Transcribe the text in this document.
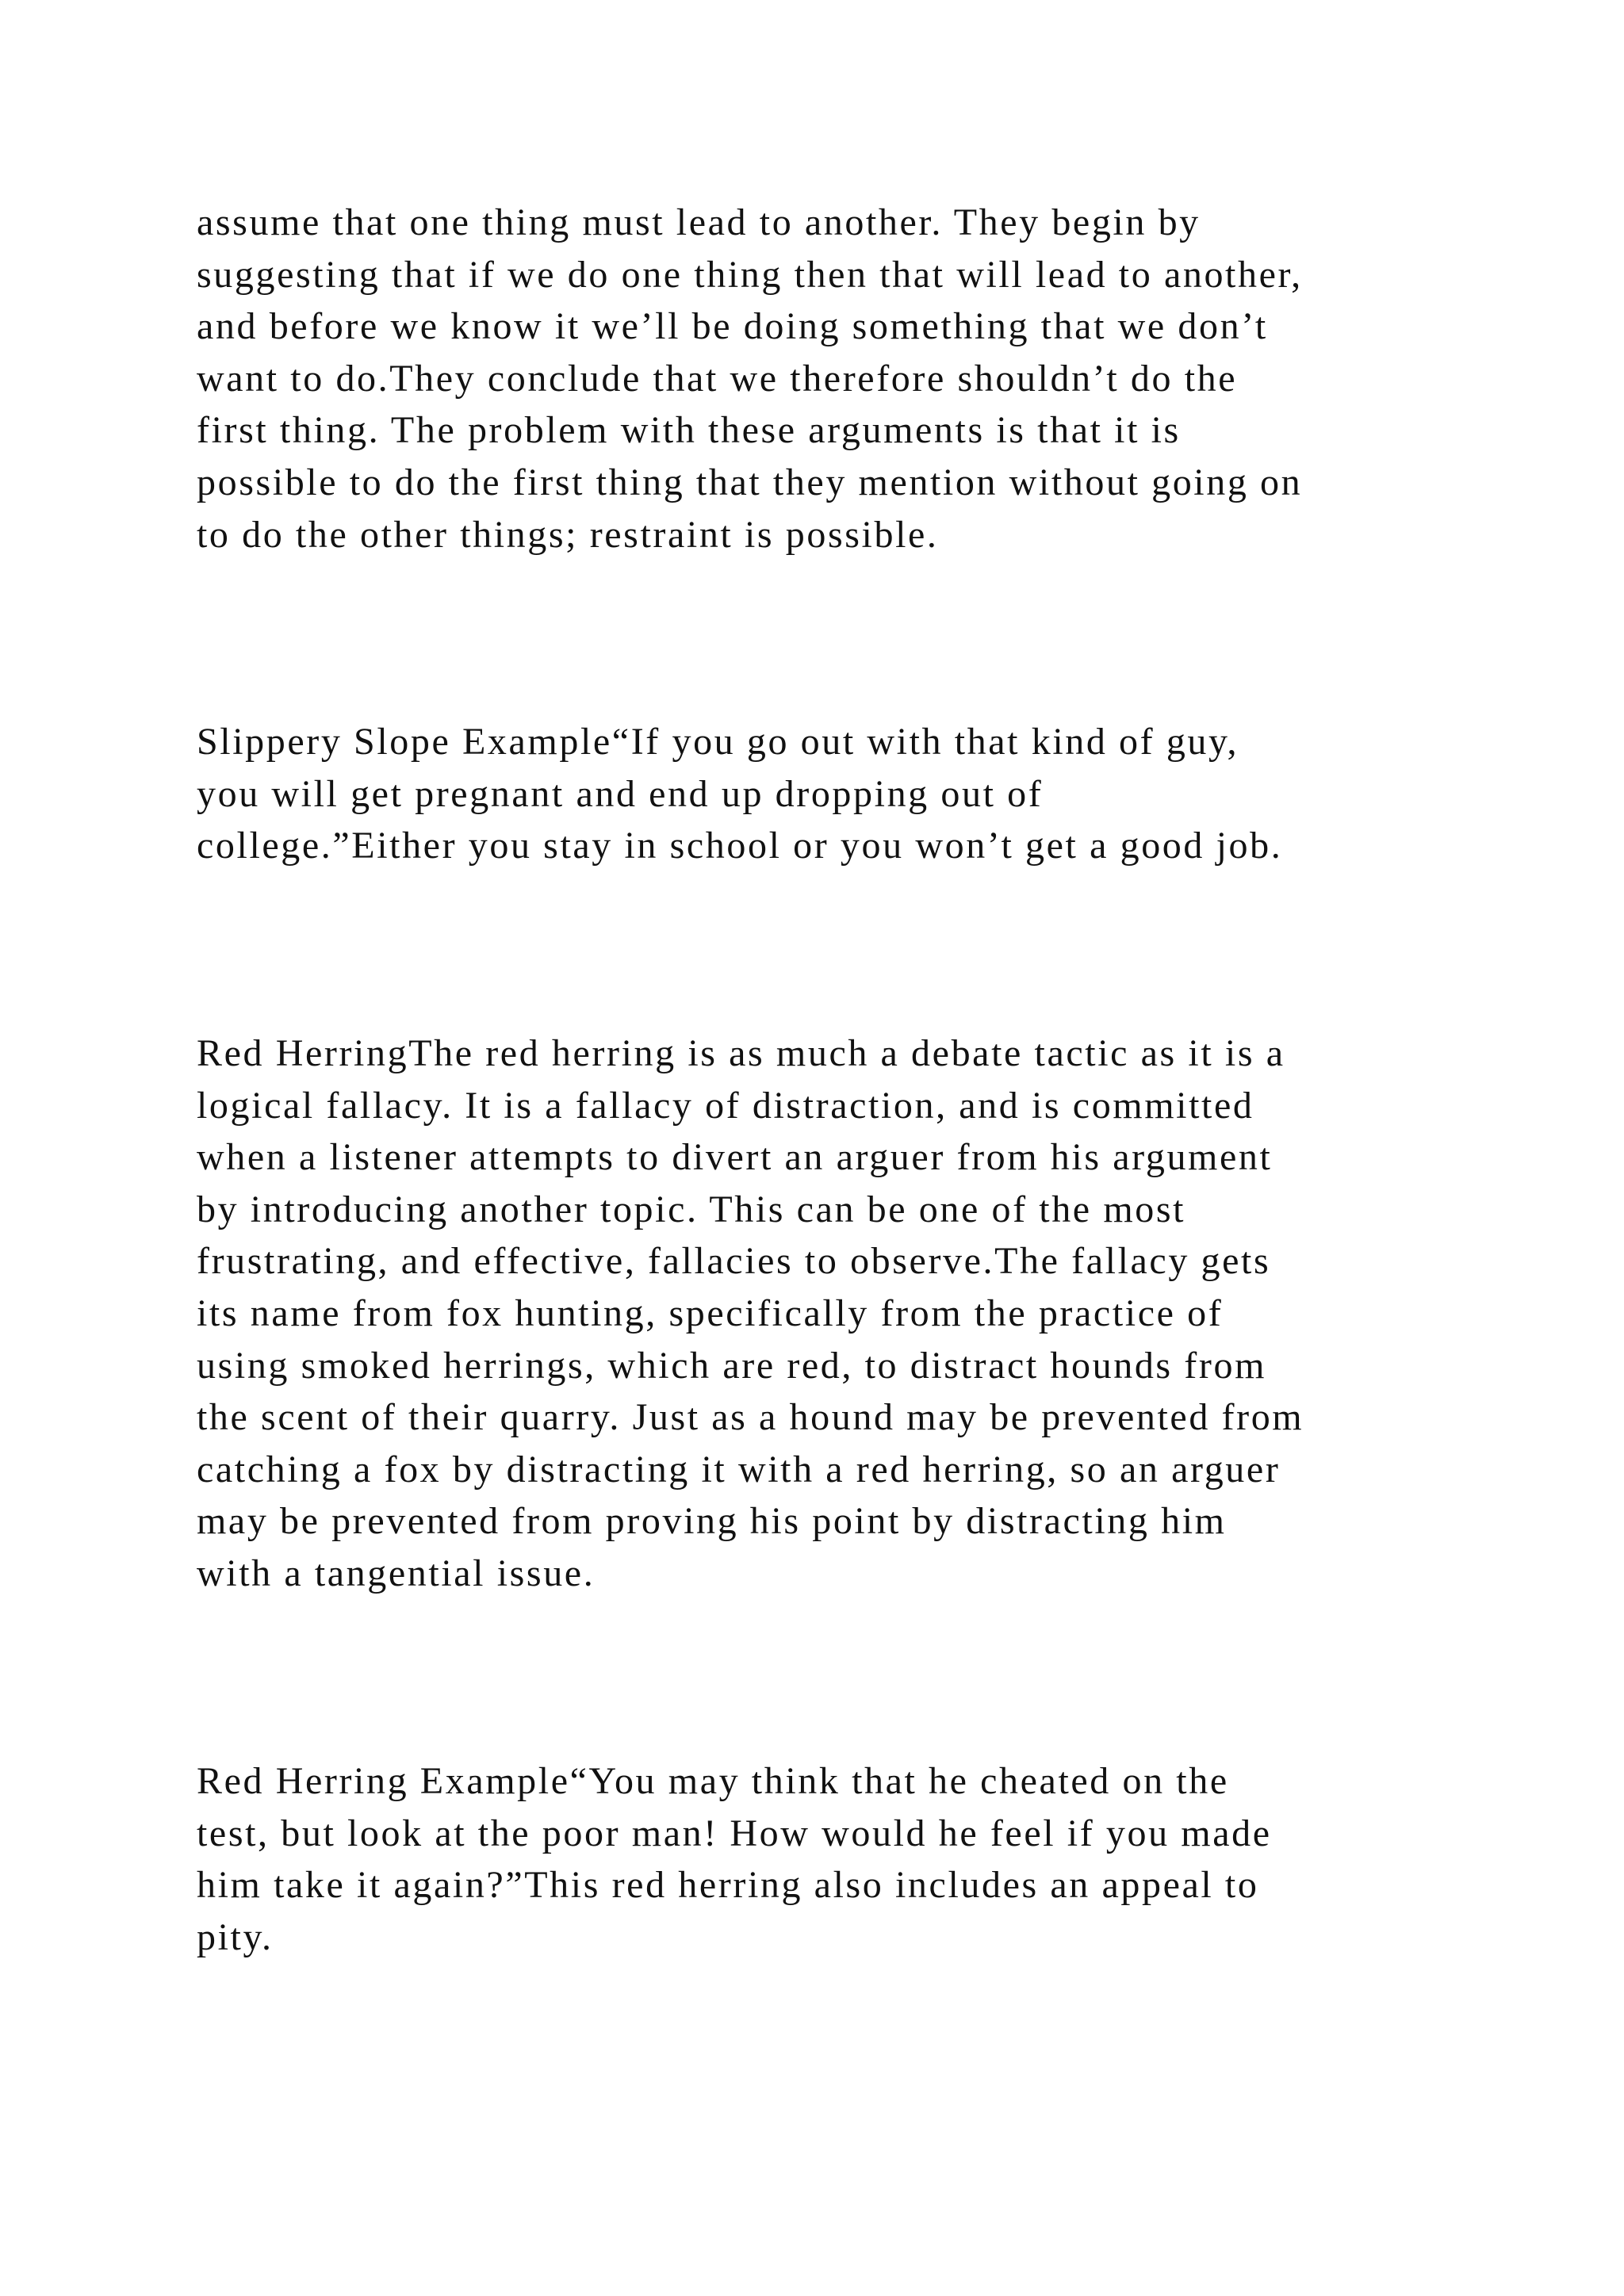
assume that one thing must lead to another. They begin by
suggesting that if we do one thing then that will lead to another,
and before we know it we’ll be doing something that we don’t
want to do.They conclude that we therefore shouldn’t do the
first thing. The problem with these arguments is that it is
possible to do the first thing that they mention without going on
to do the other things; restraint is possible.

Slippery Slope Example“If you go out with that kind of guy,
you will get pregnant and end up dropping out of
college.”Either you stay in school or you won’t get a good job.

Red HerringThe red herring is as much a debate tactic as it is a
logical fallacy. It is a fallacy of distraction, and is committed
when a listener attempts to divert an arguer from his argument
by introducing another topic. This can be one of the most
frustrating, and effective, fallacies to observe.The fallacy gets
its name from fox hunting, specifically from the practice of
using smoked herrings, which are red, to distract hounds from
the scent of their quarry. Just as a hound may be prevented from
catching a fox by distracting it with a red herring, so an arguer
may be prevented from proving his point by distracting him
with a tangential issue.

Red Herring Example“You may think that he cheated on the
test, but look at the poor man! How would he feel if you made
him take it again?”This red herring also includes an appeal to
pity.
